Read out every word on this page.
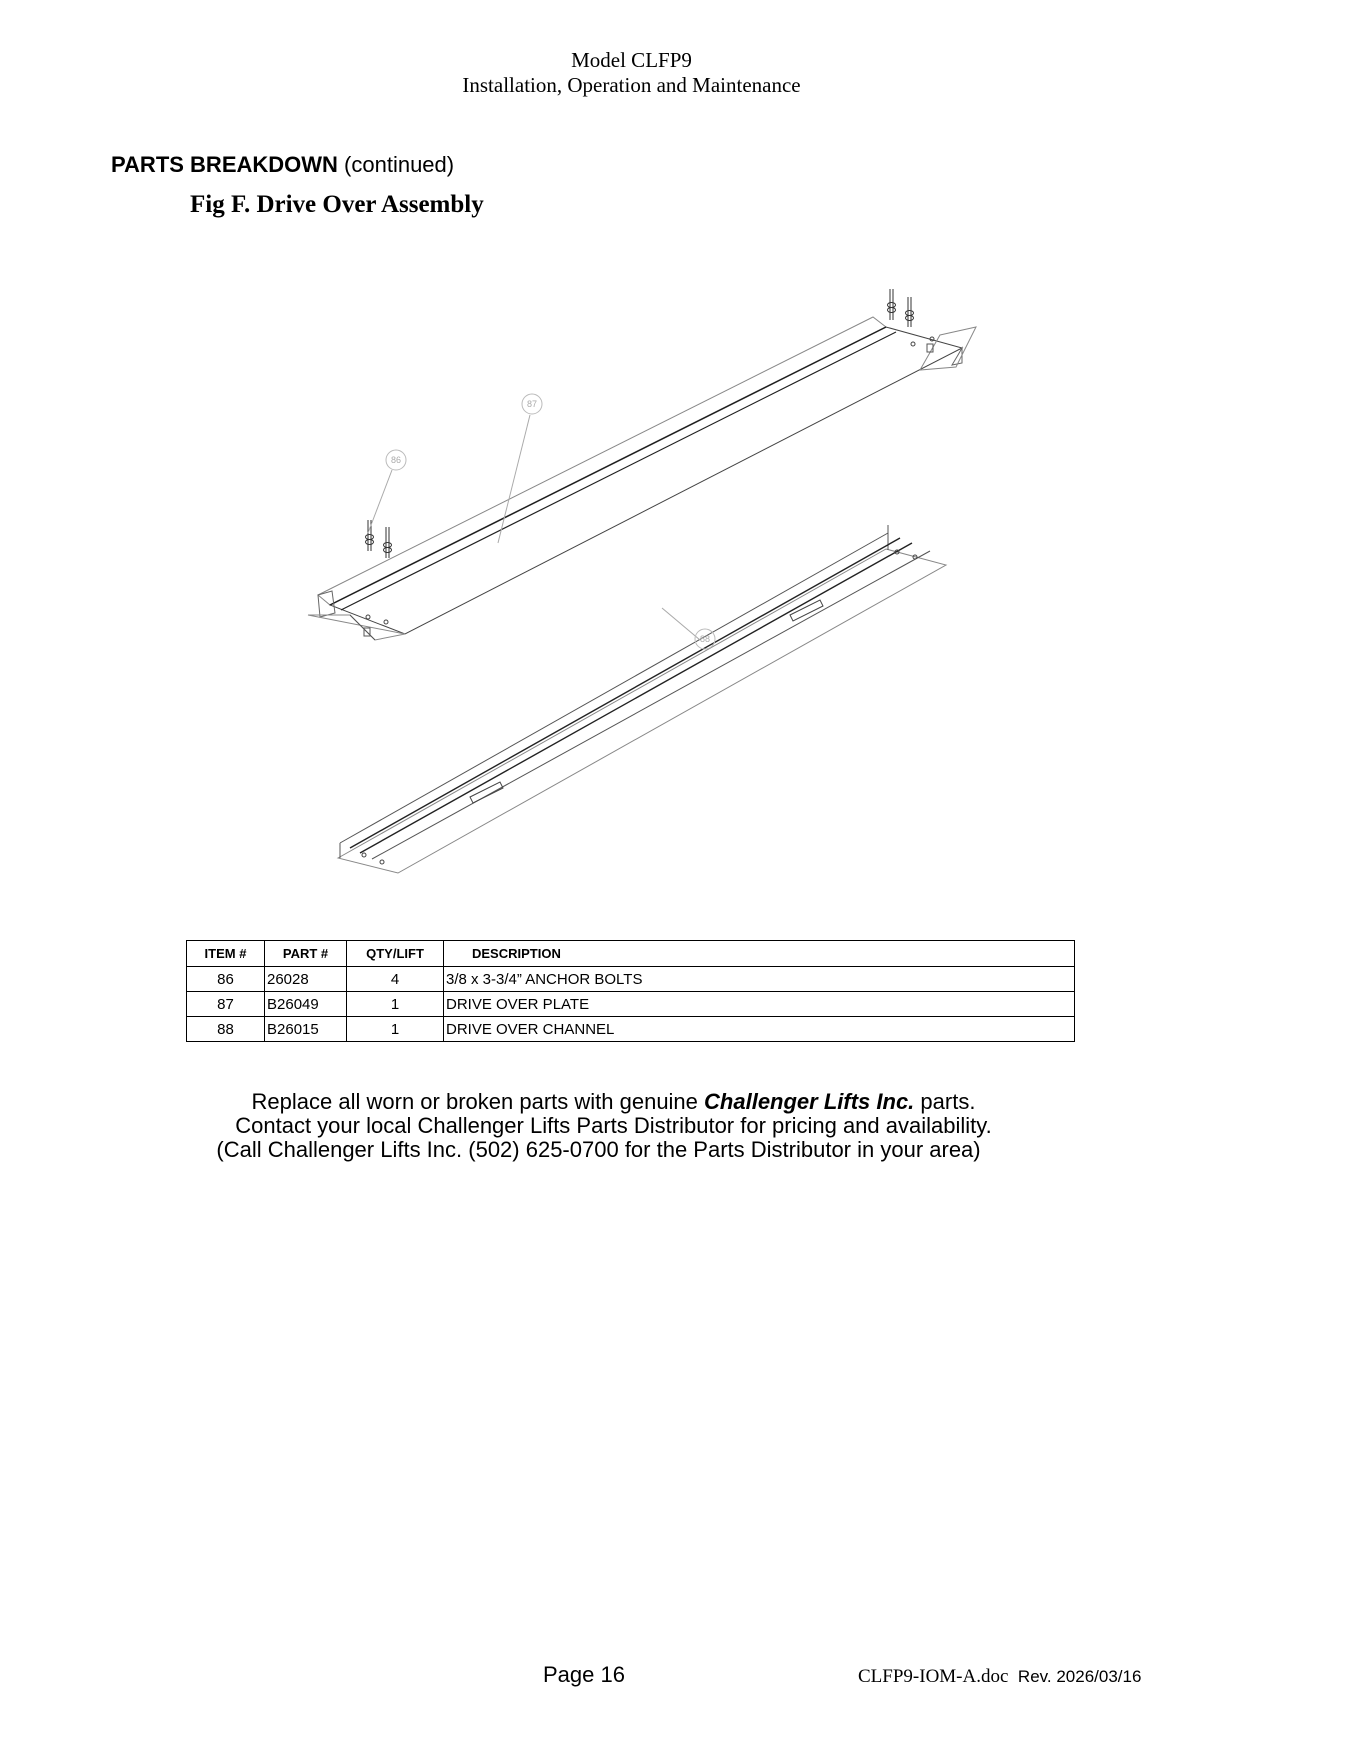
Model CLFP9
Installation, Operation and Maintenance
PARTS BREAKDOWN (continued)
Fig F. Drive Over Assembly
87
86
88
ITEM #	PART #	QTY/LIFT	DESCRIPTION
86	26028	4	3/8 x 3-3/4” ANCHOR BOLTS
87	B26049	1	DRIVE OVER PLATE
88	B26015	1	DRIVE OVER CHANNEL
Replace all worn or broken parts with genuine Challenger Lifts Inc. parts.
Contact your local Challenger Lifts Parts Distributor for pricing and availability.
(Call Challenger Lifts Inc. (502) 625-0700 for the Parts Distributor in your area)
Page 16	CLFP9-IOM-A.doc Rev. 2026/03/16
